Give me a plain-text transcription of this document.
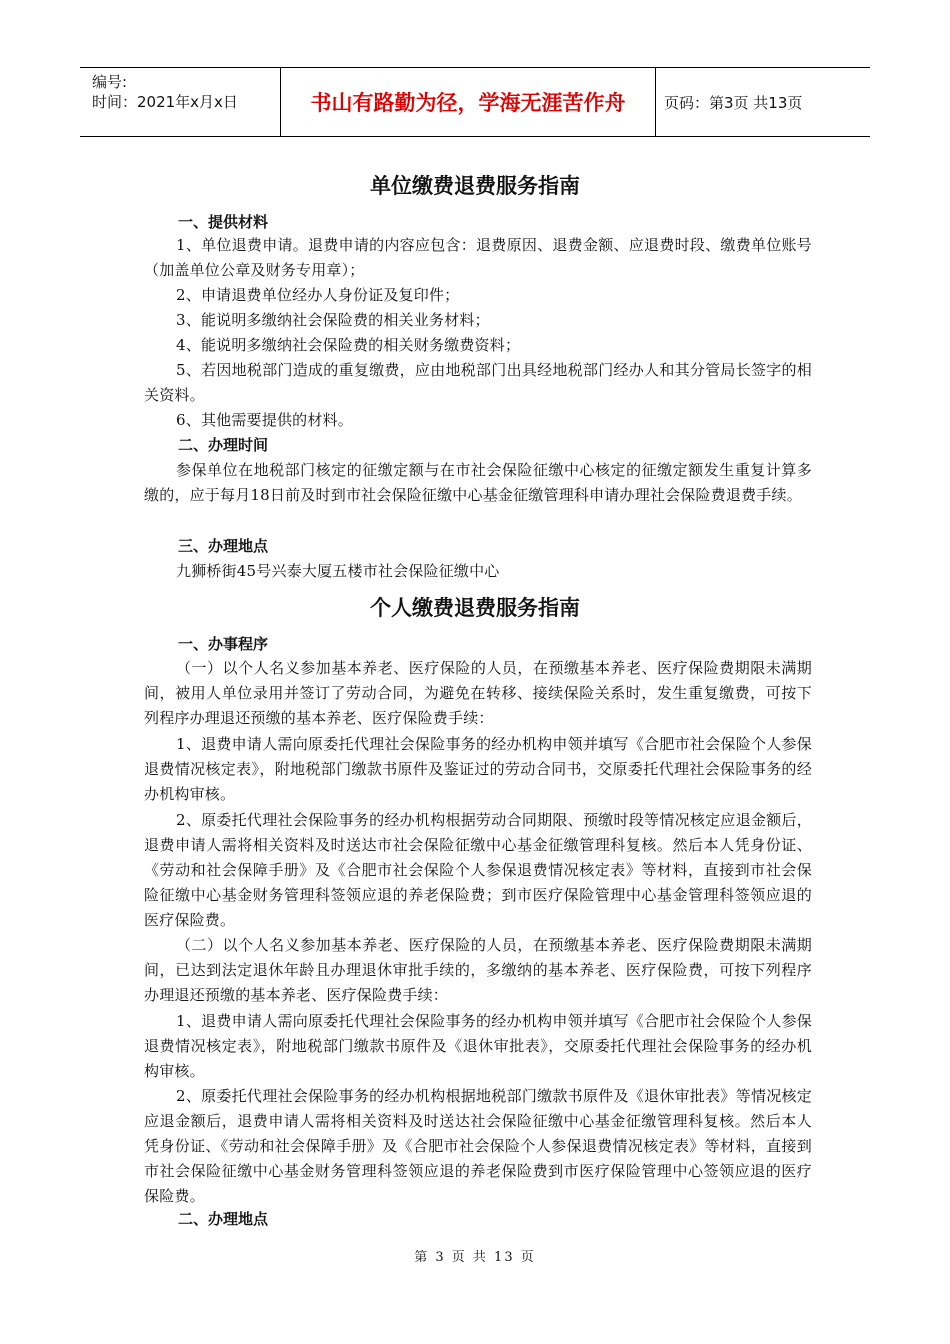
编号:
时间：2021年x月x日	书山有路勤为径，学海无涯苦作舟	页码：第3页 共13页
单位缴费退费服务指南
一、提供材料
1、单位退费申请。退费申请的内容应包含：退费原因、退费金额、应退费时段、缴费单位账号（加盖单位公章及财务专用章）；
2、申请退费单位经办人身份证及复印件；
3、能说明多缴纳社会保险费的相关业务材料；
4、能说明多缴纳社会保险费的相关财务缴费资料；
5、若因地税部门造成的重复缴费，应由地税部门出具经地税部门经办人和其分管局长签字的相关资料。
6、其他需要提供的材料。
二、办理时间
参保单位在地税部门核定的征缴定额与在市社会保险征缴中心核定的征缴定额发生重复计算多缴的，应于每月18日前及时到市社会保险征缴中心基金征缴管理科申请办理社会保险费退费手续。
三、办理地点
九狮桥街45号兴泰大厦五楼市社会保险征缴中心
个人缴费退费服务指南
一、办事程序
（一）以个人名义参加基本养老、医疗保险的人员，在预缴基本养老、医疗保险费期限未满期间，被用人单位录用并签订了劳动合同，为避免在转移、接续保险关系时，发生重复缴费，可按下列程序办理退还预缴的基本养老、医疗保险费手续：
1、退费申请人需向原委托代理社会保险事务的经办机构申领并填写《合肥市社会保险个人参保退费情况核定表》，附地税部门缴款书原件及鉴证过的劳动合同书，交原委托代理社会保险事务的经办机构审核。
2、原委托代理社会保险事务的经办机构根据劳动合同期限、预缴时段等情况核定应退金额后，退费申请人需将相关资料及时送达市社会保险征缴中心基金征缴管理科复核。然后本人凭身份证、《劳动和社会保障手册》及《合肥市社会保险个人参保退费情况核定表》等材料，直接到市社会保险征缴中心基金财务管理科签领应退的养老保险费；到市医疗保险管理中心基金管理科签领应退的医疗保险费。
（二）以个人名义参加基本养老、医疗保险的人员，在预缴基本养老、医疗保险费期限未满期间，已达到法定退休年龄且办理退休审批手续的，多缴纳的基本养老、医疗保险费，可按下列程序办理退还预缴的基本养老、医疗保险费手续：
1、退费申请人需向原委托代理社会保险事务的经办机构申领并填写《合肥市社会保险个人参保退费情况核定表》，附地税部门缴款书原件及《退休审批表》，交原委托代理社会保险事务的经办机构审核。
2、原委托代理社会保险事务的经办机构根据地税部门缴款书原件及《退休审批表》等情况核定应退金额后，退费申请人需将相关资料及时送达社会保险征缴中心基金征缴管理科复核。然后本人凭身份证、《劳动和社会保障手册》及《合肥市社会保险个人参保退费情况核定表》等材料，直接到市社会保险征缴中心基金财务管理科签领应退的养老保险费到市医疗保险管理中心签领应退的医疗保险费。
二、办理地点
第 3 页 共 13 页
